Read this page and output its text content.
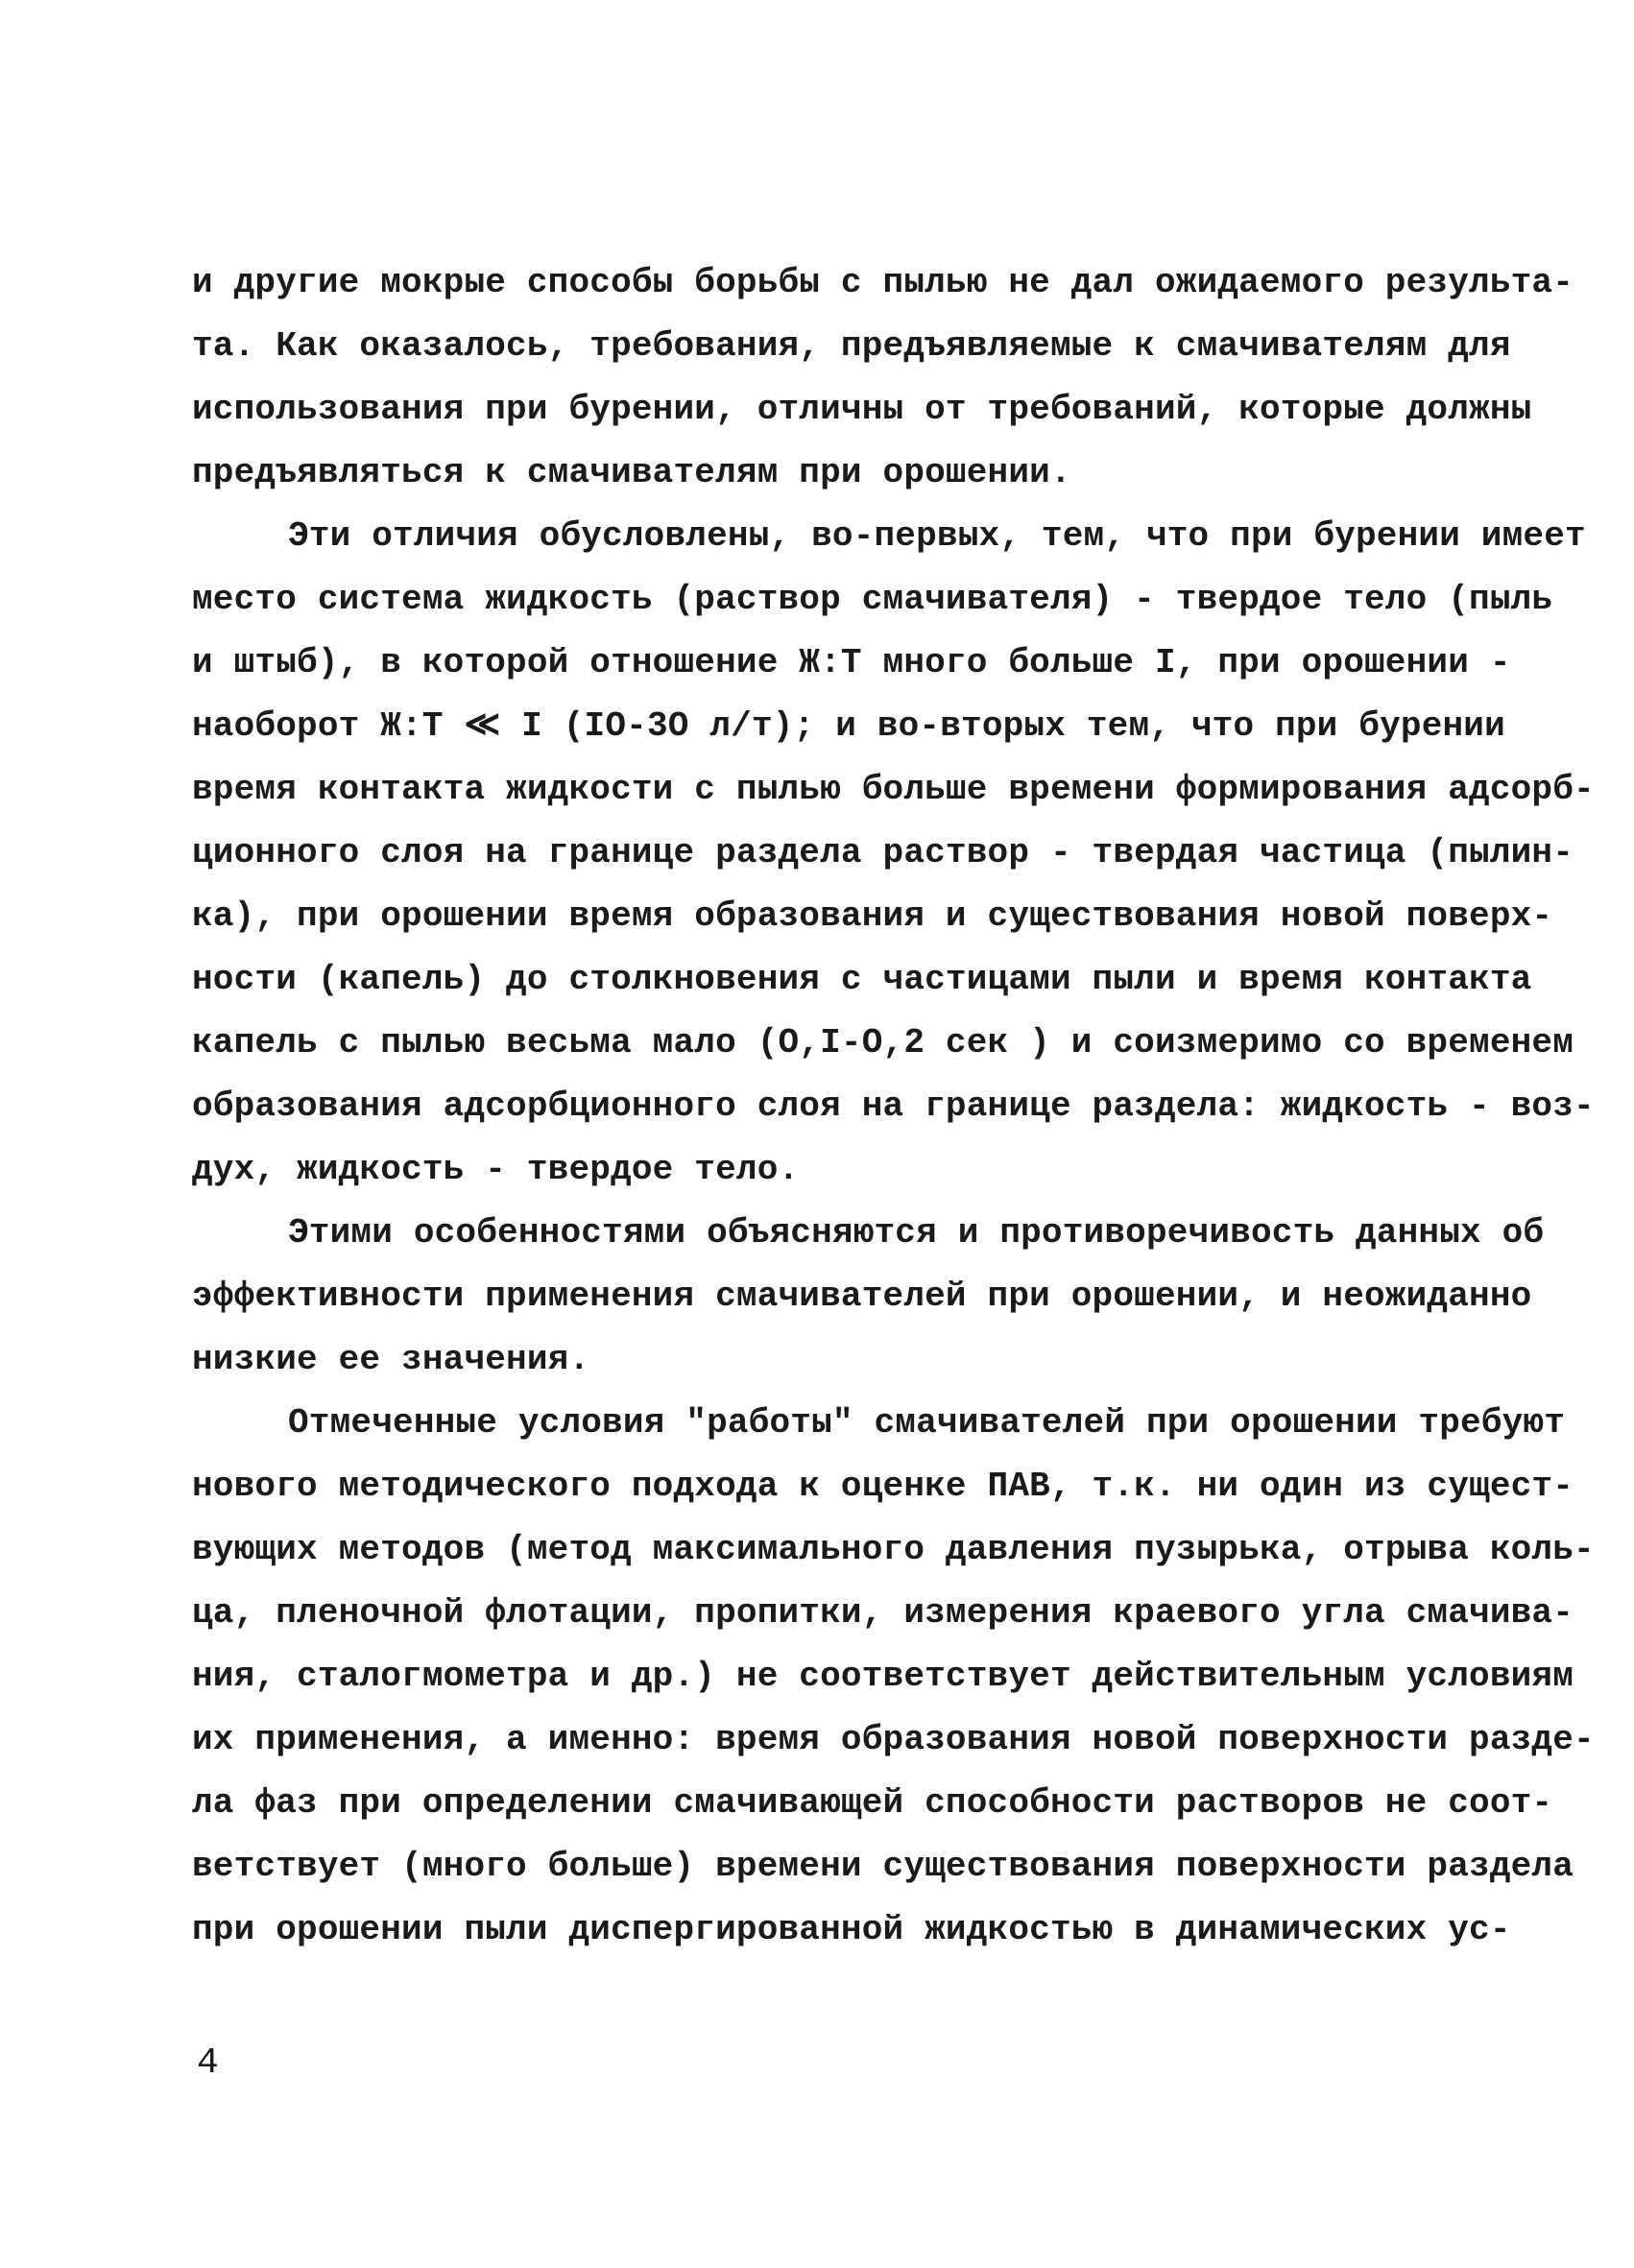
и другие мокрые способы борьбы с пылью не дал ожидаемого результа-
та. Как оказалось, требования, предъявляемые к смачивателям для
использования при бурении, отличны от требований, которые должны
предъявляться к смачивателям при орошении.
Эти отличия обусловлены, во-первых, тем, что при бурении имеет
место система жидкость (раствор смачивателя) - твердое тело (пыль
и штыб), в которой отношение Ж:Т много больше I, при орошении -
наоборот Ж:Т ≪ I (IO-3O л/т); и во-вторых тем, что при бурении
время контакта жидкости с пылью больше времени формирования адсорб-
ционного слоя на границе раздела раствор - твердая частица (пылин-
ка), при орошении время образования и существования новой поверх-
ности (капель) до столкновения с частицами пыли и время контакта
капель с пылью весьма мало (О,I-О,2 сек ) и соизмеримо со временем
образования адсорбционного слоя на границе раздела: жидкость - воз-
дух, жидкость - твердое тело.
Этими особенностями объясняются и противоречивость данных об
эффективности применения смачивателей при орошении, и неожиданно
низкие ее значения.
Отмеченные условия "работы" смачивателей при орошении требуют
нового методического подхода к оценке ПАВ, т.к. ни один из сущест-
вующих методов (метод максимального давления пузырька, отрыва коль-
ца, пленочной флотации, пропитки, измерения краевого угла смачива-
ния, сталогмометра и др.) не соответствует действительным условиям
их применения, а именно: время образования новой поверхности разде-
ла фаз при определении смачивающей способности растворов не соот-
ветствует (много больше) времени существования поверхности раздела
при орошении пыли диспергированной жидкостью в динамических ус-
4
